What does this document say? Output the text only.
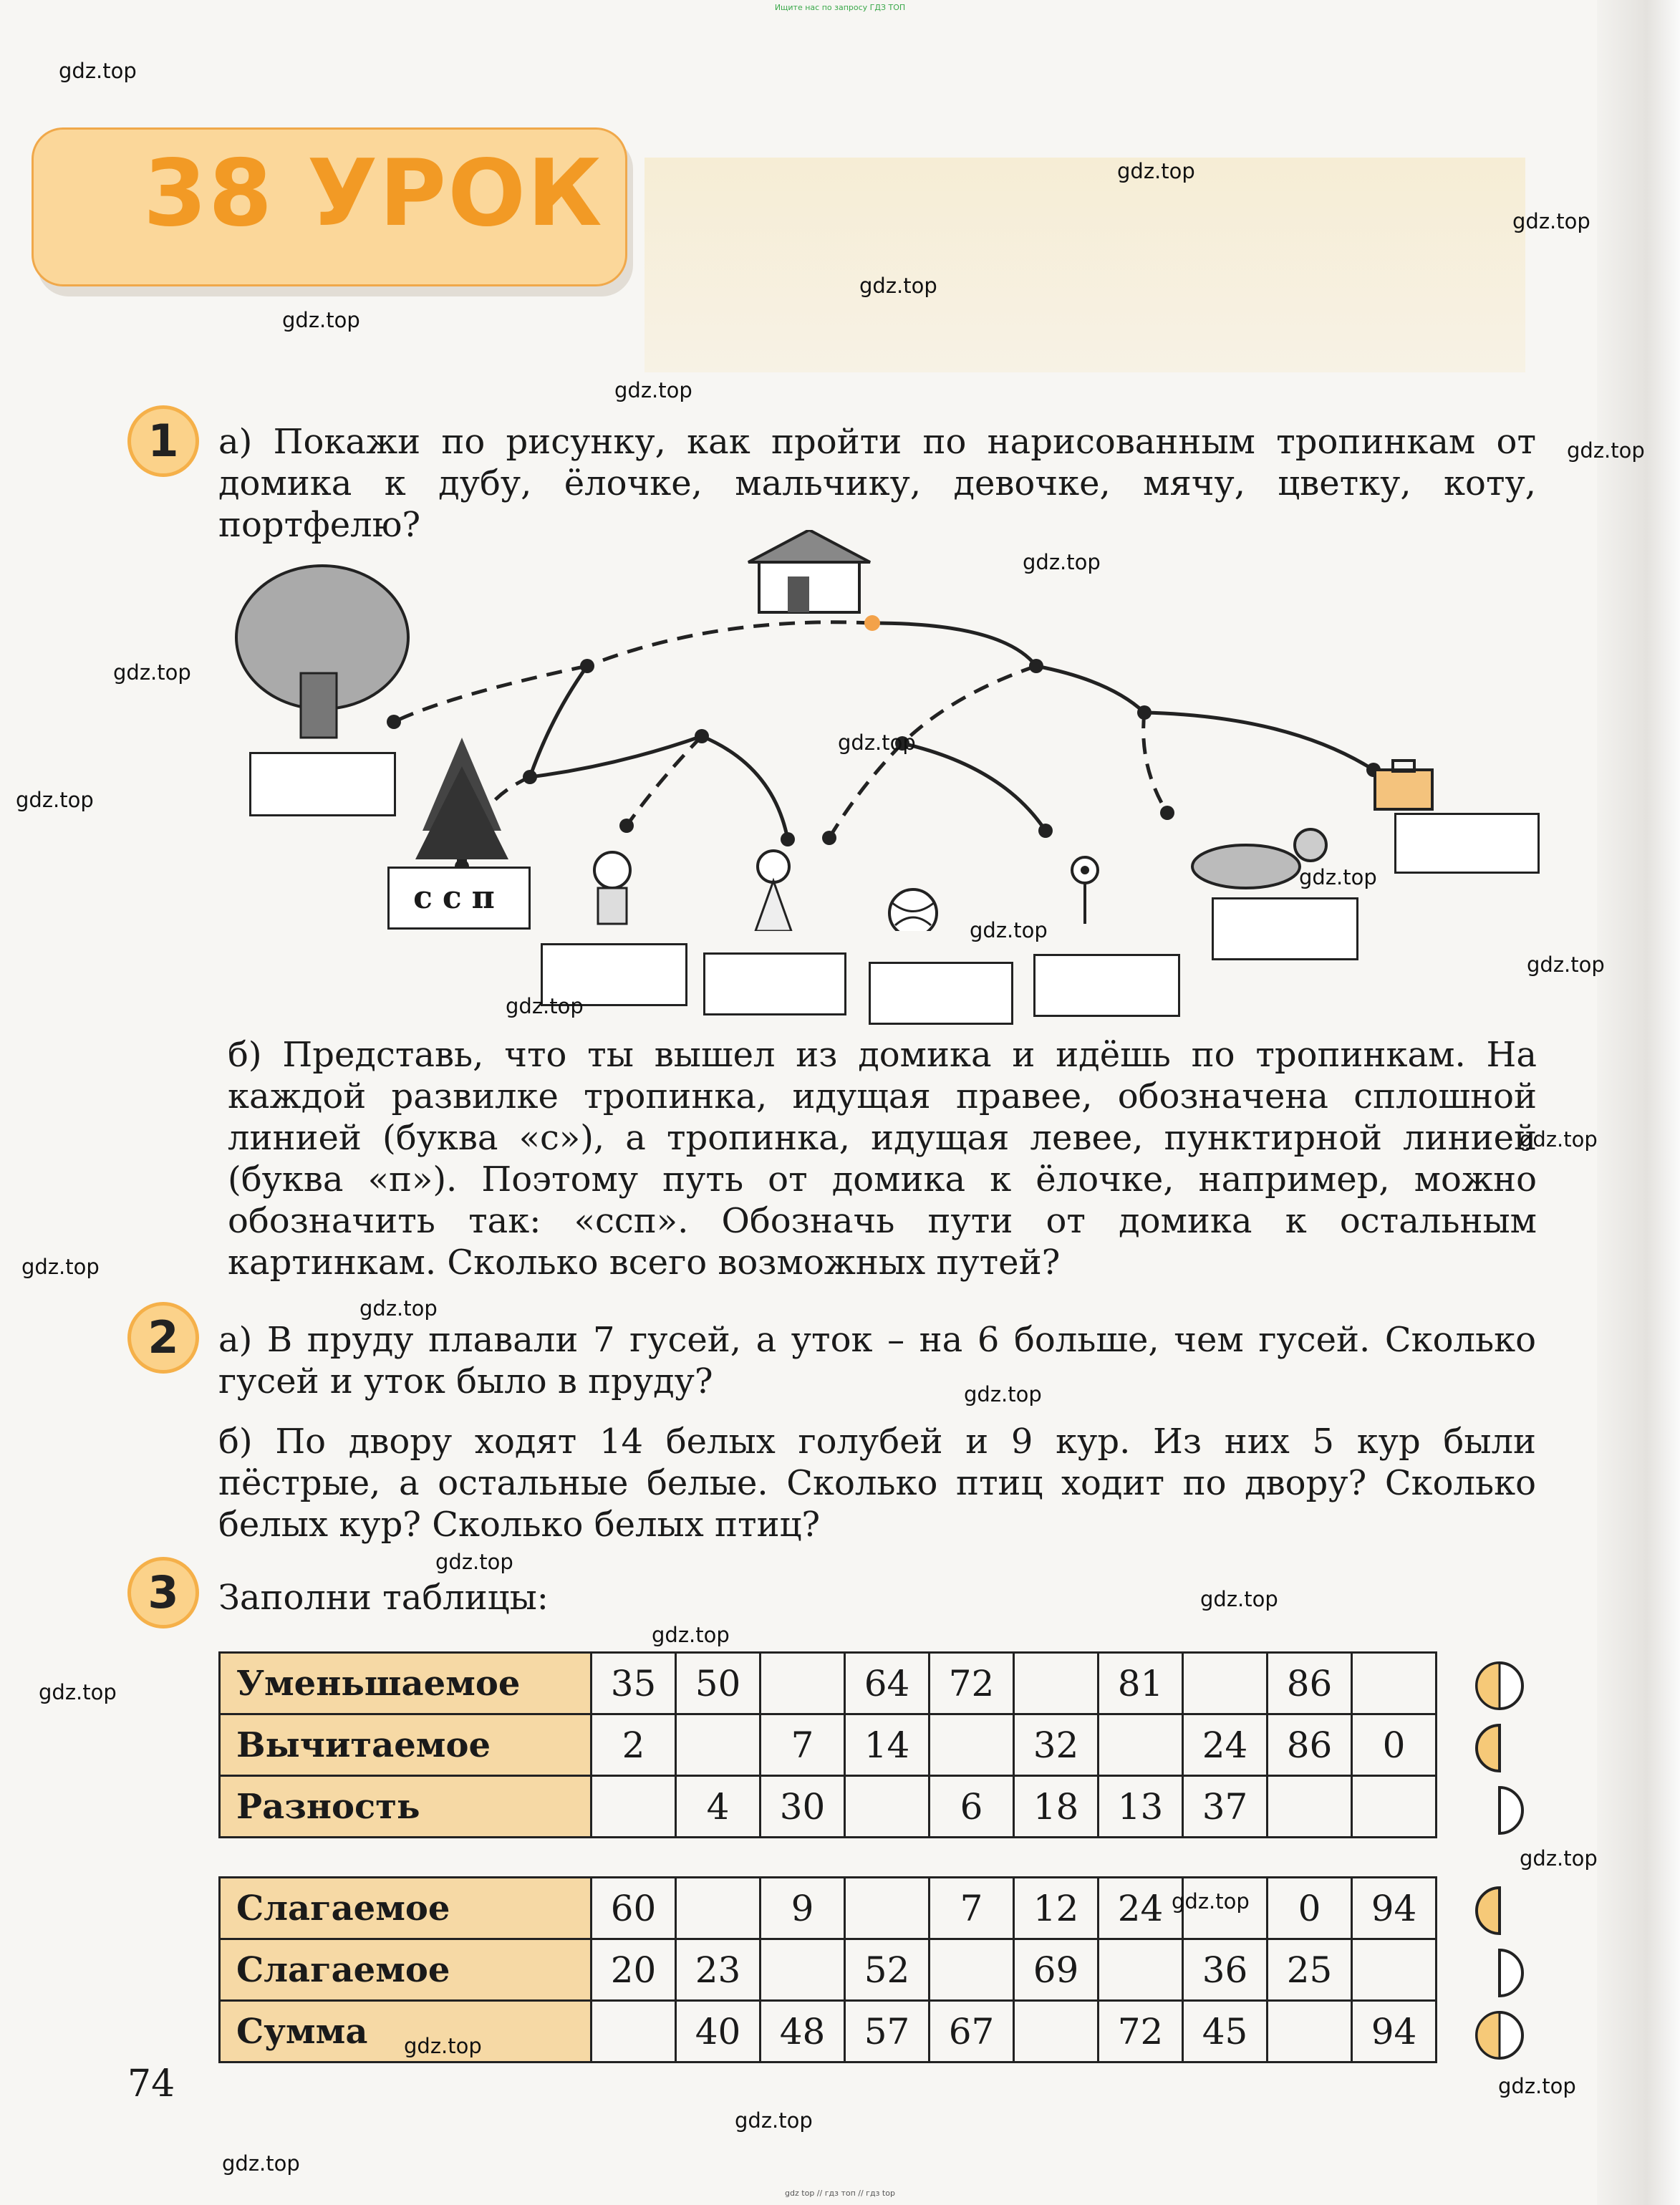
Ищите нас по запросу ГДЗ ТОП
gdz top // гдз топ // гдз top
38 УРОК
1	а) Покажи по рисунку, как пройти по нарисованным тропинкам от домика к дубу, ёлочке, мальчику, девочке, мячу, цветку, коту, портфелю?
ссп
б) Представь, что ты вышел из домика и идёшь по тропинкам. На каждой развилке тропинка, идущая правее, обозначена сплошной линией (буква «с»), а тропинка, идущая левее, пунктирной линией (буква «п»). Поэтому путь от домика к ёлочке, например, можно обозначить так: «ссп». Обозначь пути от домика к остальным картинкам. Сколько всего возможных путей?
2	а) В пруду плавали 7 гусей, а уток – на 6 больше, чем гусей. Сколько гусей и уток было в пруду?
б) По двору ходят 14 белых голубей и 9 кур. Из них 5 кур были пёстрые, а остальные белые. Сколько птиц ходит по двору? Сколько белых кур? Сколько белых птиц?
3	Заполни таблицы:
Уменьшаемое	35	50		64	72		81		86	
Вычитаемое	2		7	14		32		24	86	0
Разность		4	30		6	18	13	37		
Слагаемое	60		9		7	12	24		0	94
Слагаемое	20	23		52		69		36	25	
Сумма		40	48	57	67		72	45		94
74
gdz.top
gdz.top
gdz.top
gdz.top
gdz.top
gdz.top
gdz.top
gdz.top
gdz.top
gdz.top
gdz.top
gdz.top
gdz.top
gdz.top
gdz.top
gdz.top
gdz.top
gdz.top
gdz.top
gdz.top
gdz.top
gdz.top
gdz.top
gdz.top
gdz.top
gdz.top
gdz.top
gdz.top
gdz.top
